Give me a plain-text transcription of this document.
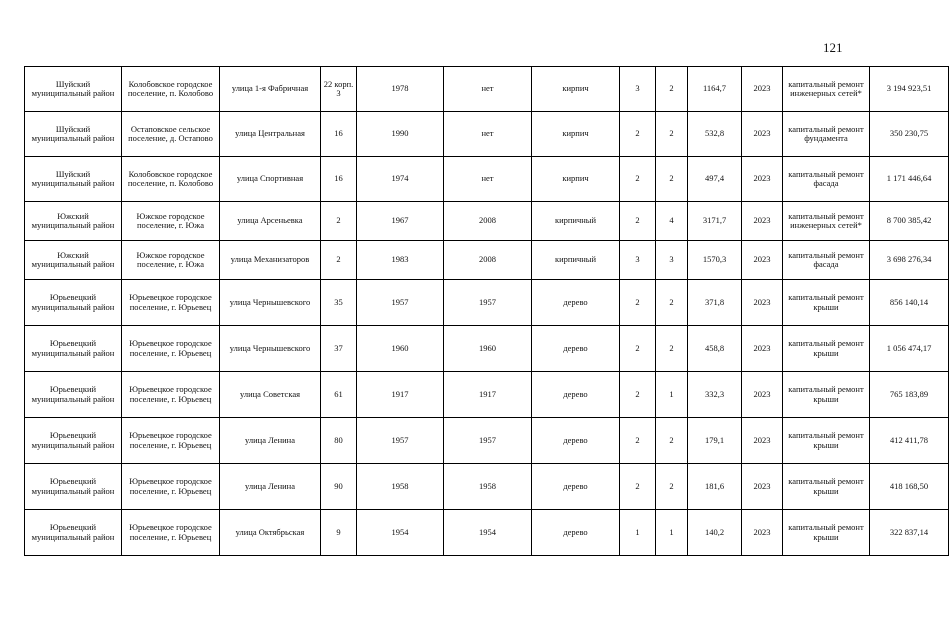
121
Шуйский муниципальный район	Колобовское городское поселение, п. Колобово	улица 1-я Фабричная	22 корп. 3	1978	нет	кирпич	3	2	1164,7	2023	капитальный ремонт инженерных сетей*	3 194 923,51
Шуйский муниципальный район	Остаповское сельское поселение, д. Остапово	улица Центральная	16	1990	нет	кирпич	2	2	532,8	2023	капитальный ремонт фундамента	350 230,75
Шуйский муниципальный район	Колобовское городское поселение, п. Колобово	улица Спортивная	16	1974	нет	кирпич	2	2	497,4	2023	капитальный ремонт фасада	1 171 446,64
Южский муниципальный район	Южское городское поселение, г. Южа	улица Арсеньевка	2	1967	2008	кирпичный	2	4	3171,7	2023	капитальный ремонт инженерных сетей*	8 700 385,42
Южский муниципальный район	Южское городское поселение, г. Южа	улица Механизаторов	2	1983	2008	кирпичный	3	3	1570,3	2023	капитальный ремонт фасада	3 698 276,34
Юрьевецкий муниципальный район	Юрьевецкое городское поселение, г. Юрьевец	улица Чернышевского	35	1957	1957	дерево	2	2	371,8	2023	капитальный ремонт крыши	856 140,14
Юрьевецкий муниципальный район	Юрьевецкое городское поселение, г. Юрьевец	улица Чернышевского	37	1960	1960	дерево	2	2	458,8	2023	капитальный ремонт крыши	1 056 474,17
Юрьевецкий муниципальный район	Юрьевецкое городское поселение, г. Юрьевец	улица Советская	61	1917	1917	дерево	2	1	332,3	2023	капитальный ремонт крыши	765 183,89
Юрьевецкий муниципальный район	Юрьевецкое городское поселение, г. Юрьевец	улица Ленина	80	1957	1957	дерево	2	2	179,1	2023	капитальный ремонт крыши	412 411,78
Юрьевецкий муниципальный район	Юрьевецкое городское поселение, г. Юрьевец	улица Ленина	90	1958	1958	дерево	2	2	181,6	2023	капитальный ремонт крыши	418 168,50
Юрьевецкий муниципальный район	Юрьевецкое городское поселение, г. Юрьевец	улица Октябрьская	9	1954	1954	дерево	1	1	140,2	2023	капитальный ремонт крыши	322 837,14
